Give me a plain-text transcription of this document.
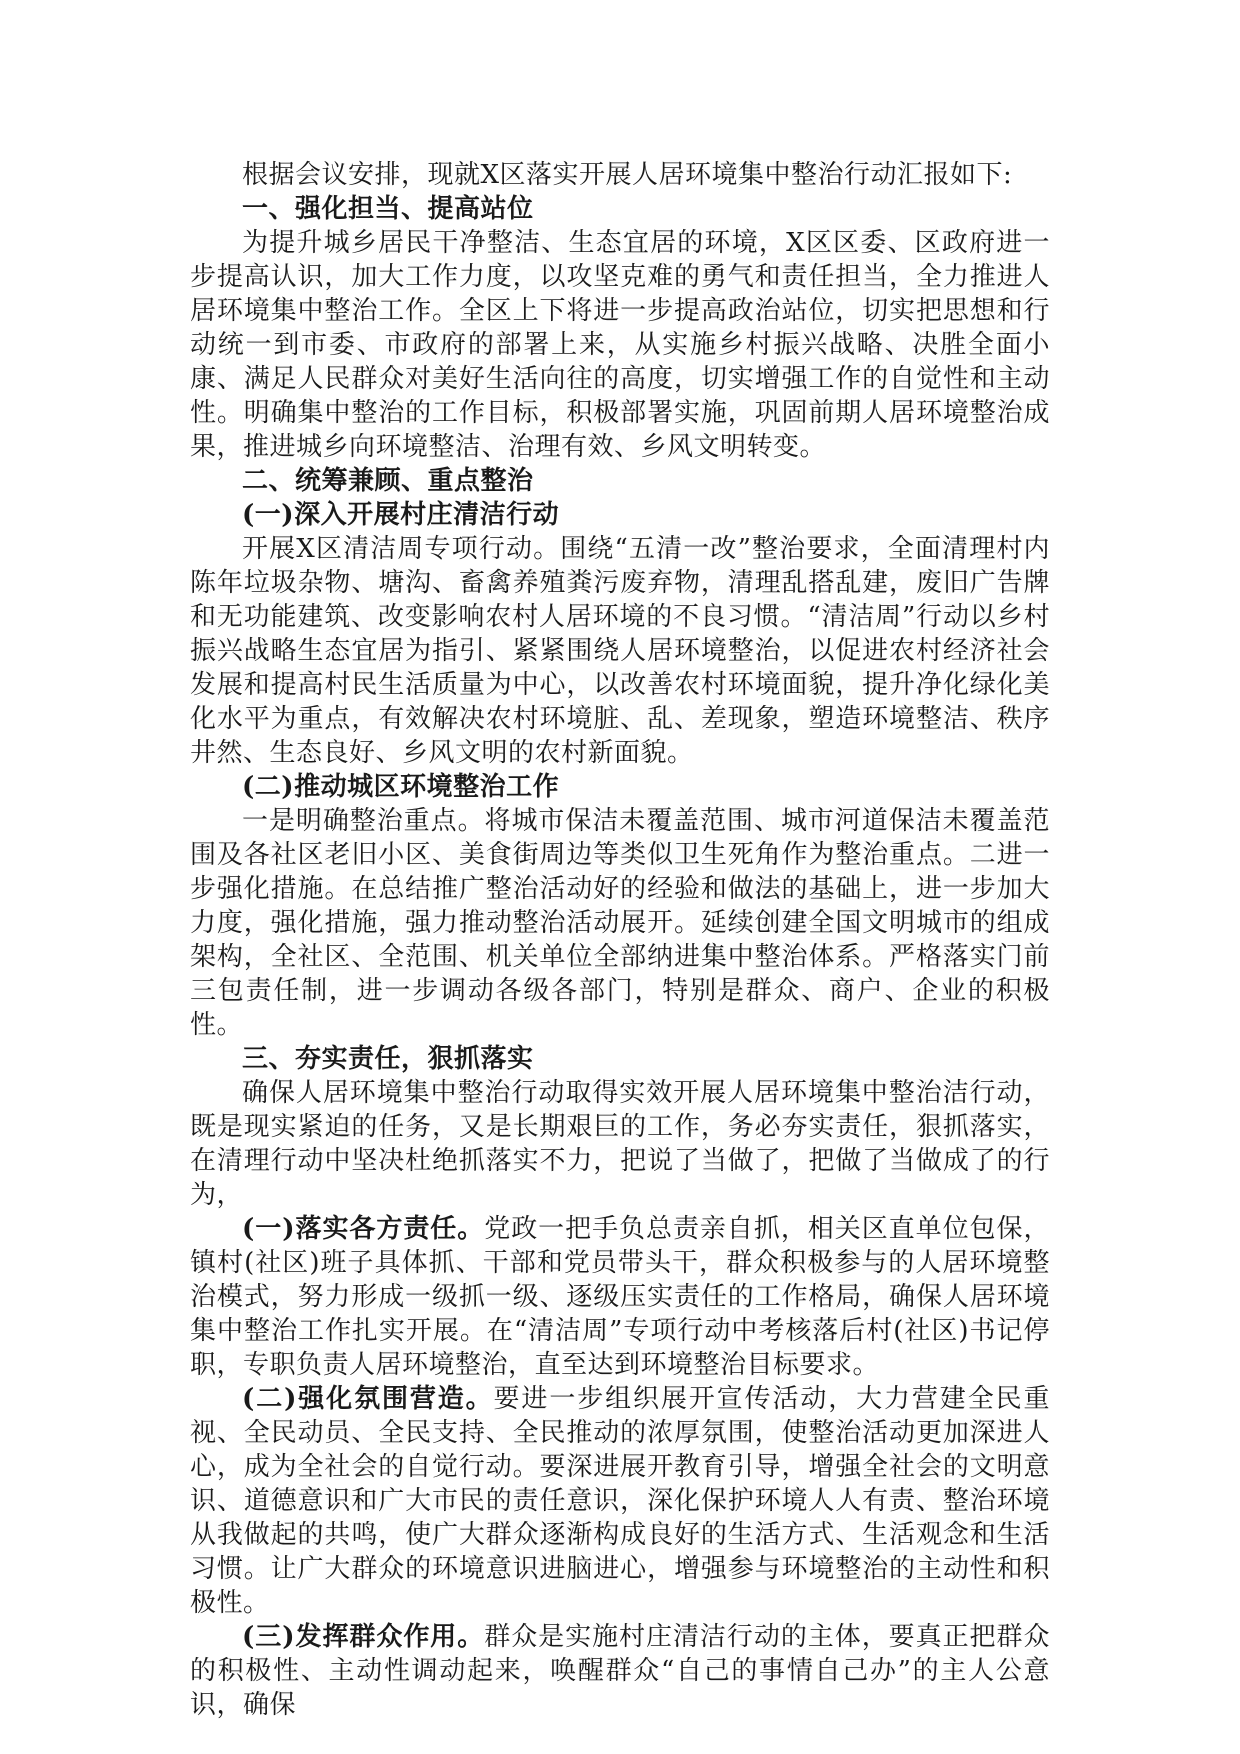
根据会议安排，现就X区落实开展人居环境集中整治行动汇报如下:

一、强化担当、提高站位

为提升城乡居民干净整洁、生态宜居的环境，X区区委、区政府进一步提高认识，加大工作力度，以攻坚克难的勇气和责任担当，全力推进人居环境集中整治工作。全区上下将进一步提高政治站位，切实把思想和行动统一到市委、市政府的部署上来，从实施乡村振兴战略、决胜全面小康、满足人民群众对美好生活向往的高度，切实增强工作的自觉性和主动性。明确集中整治的工作目标，积极部署实施，巩固前期人居环境整治成果，推进城乡向环境整洁、治理有效、乡风文明转变。

二、统筹兼顾、重点整治

(一)深入开展村庄清洁行动

开展X区清洁周专项行动。围绕“五清一改”整治要求，全面清理村内陈年垃圾杂物、塘沟、畜禽养殖粪污废弃物，清理乱搭乱建，废旧广告牌和无功能建筑、改变影响农村人居环境的不良习惯。“清洁周”行动以乡村振兴战略生态宜居为指引、紧紧围绕人居环境整治，以促进农村经济社会发展和提高村民生活质量为中心，以改善农村环境面貌，提升净化绿化美化水平为重点，有效解决农村环境脏、乱、差现象，塑造环境整洁、秩序井然、生态良好、乡风文明的农村新面貌。

(二)推动城区环境整治工作

一是明确整治重点。将城市保洁未覆盖范围、城市河道保洁未覆盖范围及各社区老旧小区、美食街周边等类似卫生死角作为整治重点。二进一步强化措施。在总结推广整治活动好的经验和做法的基础上，进一步加大力度，强化措施，强力推动整治活动展开。延续创建全国文明城市的组成架构，全社区、全范围、机关单位全部纳进集中整治体系。严格落实门前三包责任制，进一步调动各级各部门，特别是群众、商户、企业的积极性。

三、夯实责任，狠抓落实

确保人居环境集中整治行动取得实效开展人居环境集中整治洁行动，既是现实紧迫的任务，又是长期艰巨的工作，务必夯实责任，狠抓落实，在清理行动中坚决杜绝抓落实不力，把说了当做了，把做了当做成了的行为，

(一)落实各方责任。党政一把手负总责亲自抓，相关区直单位包保，镇村(社区)班子具体抓、干部和党员带头干，群众积极参与的人居环境整治模式，努力形成一级抓一级、逐级压实责任的工作格局，确保人居环境集中整治工作扎实开展。在“清洁周”专项行动中考核落后村(社区)书记停职，专职负责人居环境整治，直至达到环境整治目标要求。

(二)强化氛围营造。要进一步组织展开宣传活动，大力营建全民重视、全民动员、全民支持、全民推动的浓厚氛围，使整治活动更加深进人心，成为全社会的自觉行动。要深进展开教育引导，增强全社会的文明意识、道德意识和广大市民的责任意识，深化保护环境人人有责、整治环境从我做起的共鸣，使广大群众逐渐构成良好的生活方式、生活观念和生活习惯。让广大群众的环境意识进脑进心，增强参与环境整治的主动性和积极性。

(三)发挥群众作用。群众是实施村庄清洁行动的主体，要真正把群众的积极性、主动性调动起来，唤醒群众“自己的事情自己办”的主人公意识，确保
